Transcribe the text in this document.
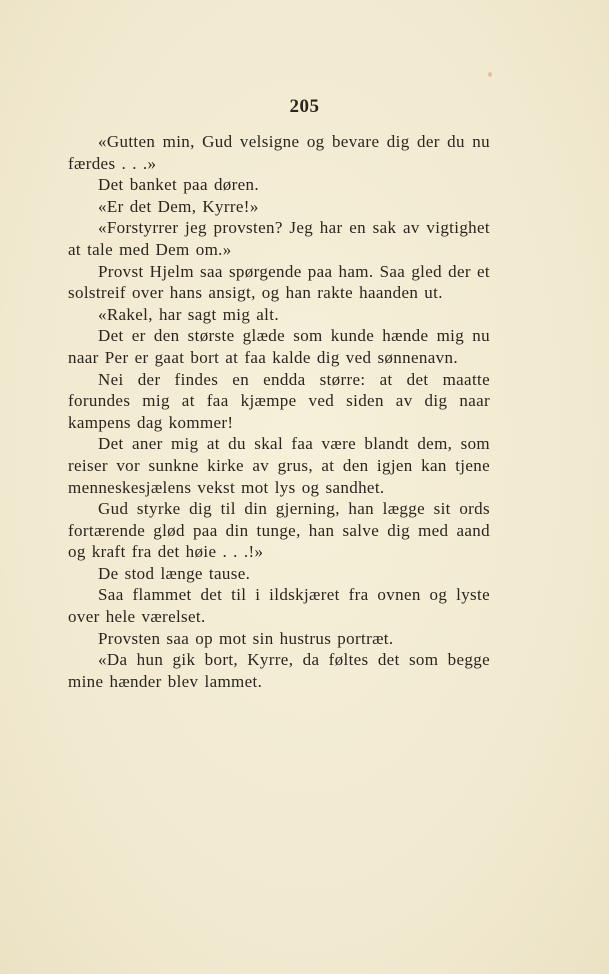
205

«Gutten min, Gud velsigne og bevare dig der du nu færdes . . .»

Det banket paa døren.

«Er det Dem, Kyrre!»

«Forstyrrer jeg provsten? Jeg har en sak av vigtighet at tale med Dem om.»

Provst Hjelm saa spørgende paa ham. Saa gled der et solstreif over hans ansigt, og han rakte haanden ut.

«Rakel, har sagt mig alt.

Det er den største glæde som kunde hænde mig nu naar Per er gaat bort at faa kalde dig ved sønnenavn.

Nei der findes en endda større: at det maatte forundes mig at faa kjæmpe ved siden av dig naar kampens dag kommer!

Det aner mig at du skal faa være blandt dem, som reiser vor sunkne kirke av grus, at den igjen kan tjene menneskesjælens vekst mot lys og sandhet.

Gud styrke dig til din gjerning, han lægge sit ords fortærende glød paa din tunge, han salve dig med aand og kraft fra det høie . . .!»

De stod længe tause.

Saa flammet det til i ildskjæret fra ovnen og lyste over hele værelset.

Provsten saa op mot sin hustrus portræt.

«Da hun gik bort, Kyrre, da føltes det som begge mine hænder blev lammet.
